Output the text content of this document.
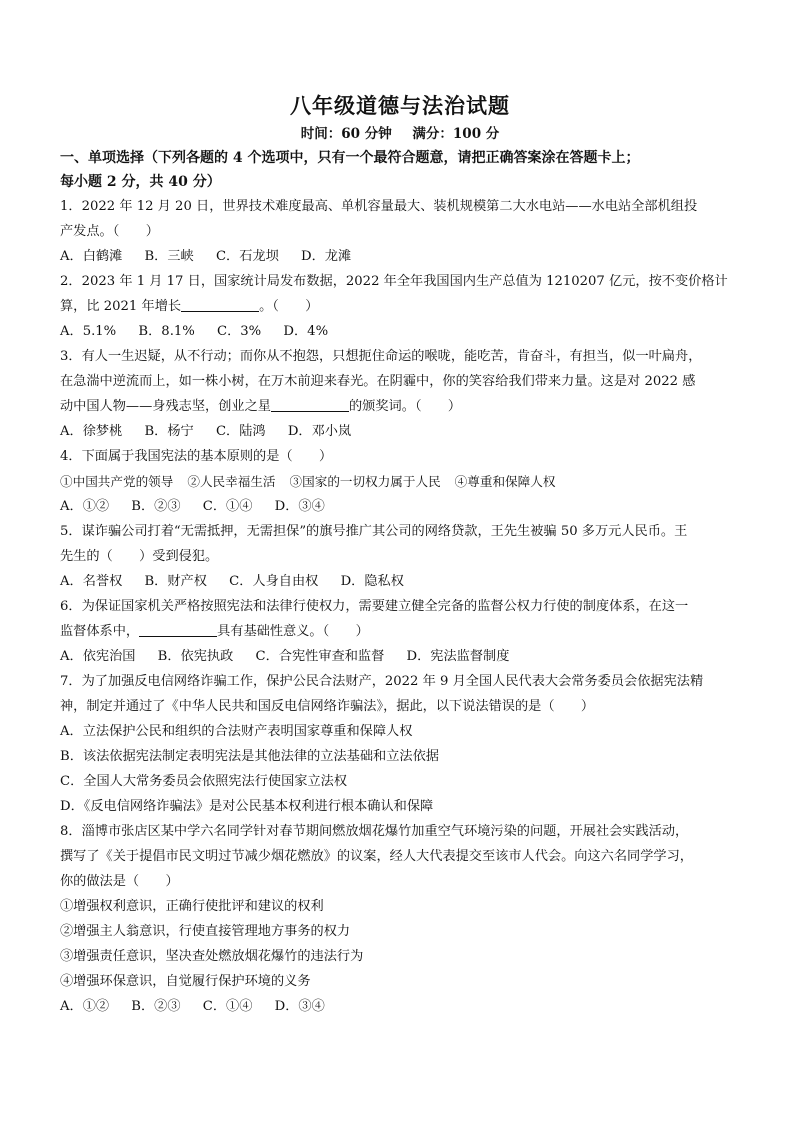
八年级道德与法治试题
时间：60 分钟 满分：100 分
一、单项选择（下列各题的 4 个选项中，只有一个最符合题意，请把正确答案涂在答题卡上；
每小题 2 分，共 40 分）
1．2022 年 12 月 20 日，世界技术难度最高、单机容量最大、装机规模第二大水电站——水电站全部机组投
产发点。（　　）
A．白鹤滩 B．三峡 C．石龙坝 D．龙滩
2．2023 年 1 月 17 日，国家统计局发布数据，2022 年全年我国国内生产总值为 1210207 亿元，按不变价格计
算，比 2021 年增长	。（　　）
A．5.1% B．8.1% C．3% D．4%
3．有人一生迟疑，从不行动；而你从不抱怨，只想扼住命运的喉咙，能吃苦，肯奋斗，有担当，似一叶扁舟，
在急湍中逆流而上，如一株小树，在万木前迎来春光。在阴霾中，你的笑容给我们带来力量。这是对 2022 感
动中国人物——身残志坚，创业之星	的颁奖词。（　　）
A．徐梦桃 B．杨宁 C．陆鸿 D．邓小岚
4．下面属于我国宪法的基本原则的是（　　）
①中国共产党的领导 ②人民幸福生活 ③国家的一切权力属于人民 ④尊重和保障人权
A．①② B．②③ C．①④ D．③④
5．谋诈骗公司打着“无需抵押，无需担保”的旗号推广其公司的网络贷款，王先生被骗 50 多万元人民币。王
先生的（　　）受到侵犯。
A．名誉权 B．财产权 C．人身自由权 D．隐私权
6．为保证国家机关严格按照宪法和法律行使权力，需要建立健全完备的监督公权力行使的制度体系，在这一
监督体系中，	具有基础性意义。（　　）
A．依宪治国 B．依宪执政 C．合宪性审查和监督 D．宪法监督制度
7．为了加强反电信网络诈骗工作，保护公民合法财产，2022 年 9 月全国人民代表大会常务委员会依据宪法精
神，制定并通过了《中华人民共和国反电信网络诈骗法》，据此，以下说法错误的是（　　）
A．立法保护公民和组织的合法财产表明国家尊重和保障人权
B．该法依据宪法制定表明宪法是其他法律的立法基础和立法依据
C．全国人大常务委员会依照宪法行使国家立法权
D．《反电信网络诈骗法》是对公民基本权利进行根本确认和保障
8．淄博市张店区某中学六名同学针对春节期间燃放烟花爆竹加重空气环境污染的问题，开展社会实践活动，
撰写了《关于提倡市民文明过节减少烟花燃放》的议案，经人大代表提交至该市人代会。向这六名同学学习，
你的做法是（　　）
①增强权利意识，正确行使批评和建议的权利
②增强主人翁意识，行使直接管理地方事务的权力
③增强责任意识，坚决查处燃放烟花爆竹的违法行为
④增强环保意识，自觉履行保护环境的义务
A．①② B．②③ C．①④ D．③④
